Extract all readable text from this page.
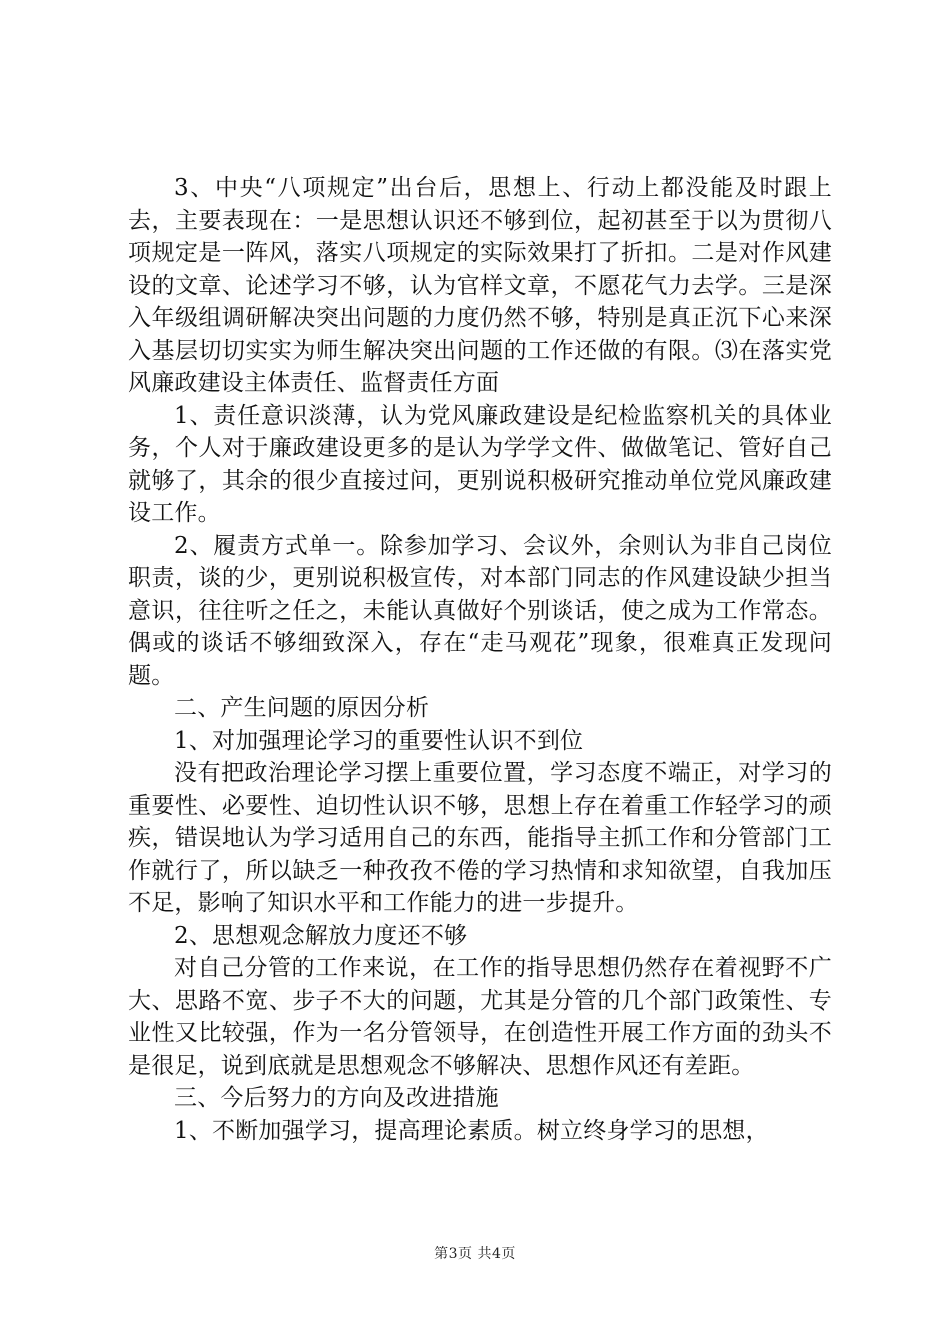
3、中央“八项规定”出台后，思想上、行动上都没能及时跟上去，主要表现在：一是思想认识还不够到位，起初甚至于以为贯彻八项规定是一阵风，落实八项规定的实际效果打了折扣。二是对作风建设的文章、论述学习不够，认为官样文章，不愿花气力去学。三是深入年级组调研解决突出问题的力度仍然不够，特别是真正沉下心来深入基层切切实实为师生解决突出问题的工作还做的有限。⑶在落实党风廉政建设主体责任、监督责任方面

1、责任意识淡薄，认为党风廉政建设是纪检监察机关的具体业务，个人对于廉政建设更多的是认为学学文件、做做笔记、管好自己就够了，其余的很少直接过问，更别说积极研究推动单位党风廉政建设工作。

2、履责方式单一。除参加学习、会议外，余则认为非自己岗位职责，谈的少，更别说积极宣传，对本部门同志的作风建设缺少担当意识，往往听之任之，未能认真做好个别谈话，使之成为工作常态。偶或的谈话不够细致深入，存在“走马观花”现象，很难真正发现问题。

二、产生问题的原因分析

1、对加强理论学习的重要性认识不到位

没有把政治理论学习摆上重要位置，学习态度不端正，对学习的重要性、必要性、迫切性认识不够，思想上存在着重工作轻学习的顽疾，错误地认为学习适用自己的东西，能指导主抓工作和分管部门工作就行了，所以缺乏一种孜孜不倦的学习热情和求知欲望，自我加压不足，影响了知识水平和工作能力的进一步提升。

2、思想观念解放力度还不够

对自己分管的工作来说，在工作的指导思想仍然存在着视野不广大、思路不宽、步子不大的问题，尤其是分管的几个部门政策性、专业性又比较强，作为一名分管领导，在创造性开展工作方面的劲头不是很足，说到底就是思想观念不够解决、思想作风还有差距。

三、今后努力的方向及改进措施

1、不断加强学习，提高理论素质。树立终身学习的思想，

第3页 共4页
